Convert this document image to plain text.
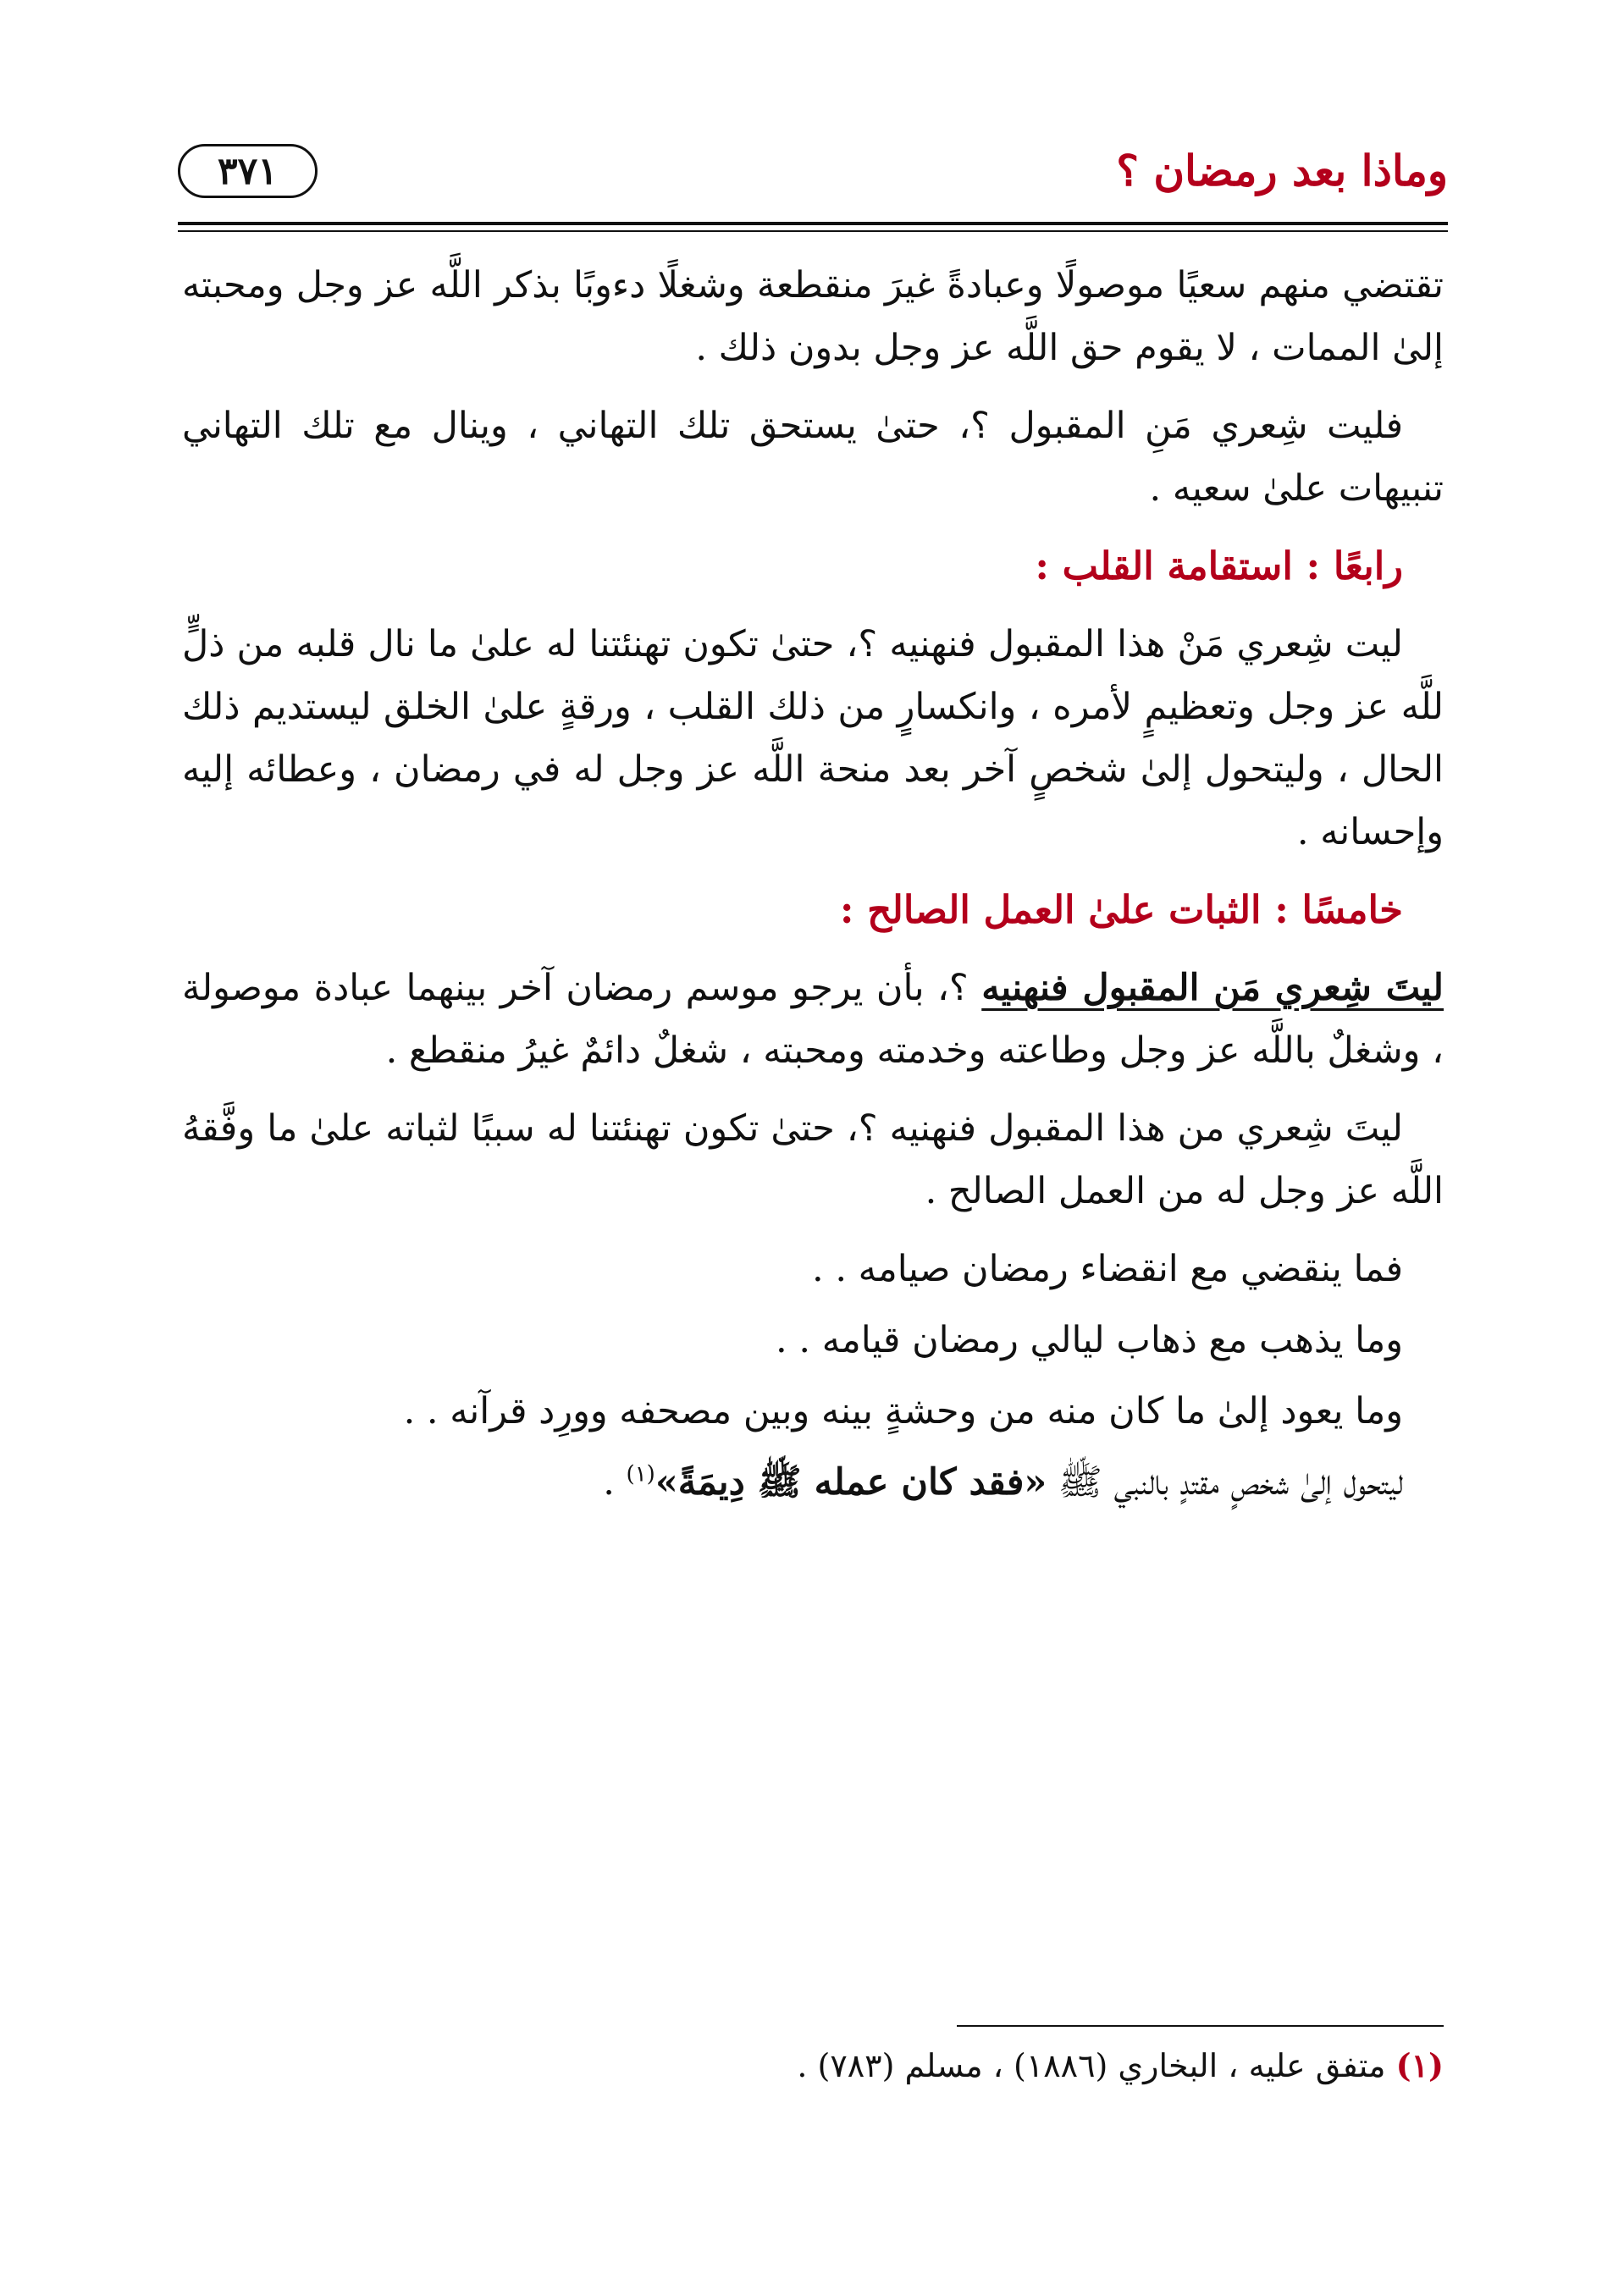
وماذا بعد رمضان ؟
٣٧١

تقتضي منهم سعيًا موصولًا وعبادةً غيرَ منقطعة وشغلًا دءوبًا بذكر اللَّه عز وجل ومحبته إلىٰ الممات ، لا يقوم حق اللَّه عز وجل بدون ذلك .

فليت شِعري مَنِ المقبول ؟، حتىٰ يستحق تلك التهاني ، وينال مع تلك التهاني تنبيهات علىٰ سعيه .

رابعًا : استقامة القلب :

ليت شِعري مَنْ هذا المقبول فنهنيه ؟، حتىٰ تكون تهنئتنا له علىٰ ما نال قلبه من ذلٍّ للَّه عز وجل وتعظيمٍ لأمره ، وانكسارٍ من ذلك القلب ، ورقةٍ علىٰ الخلق ليستديم ذلك الحال ، وليتحول إلىٰ شخصٍ آخر بعد منحة اللَّه عز وجل له في رمضان ، وعطائه إليه وإحسانه .

خامسًا : الثبات علىٰ العمل الصالح :

ليتَ شِعري مَن المقبول فنهنيه ؟، بأن يرجو موسم رمضان آخر بينهما عبادة موصولة ، وشغلٌ باللَّه عز وجل وطاعته وخدمته ومحبته ، شغلٌ دائمٌ غيرُ منقطع .

ليتَ شِعري من هذا المقبول فنهنيه ؟، حتىٰ تكون تهنئتنا له سببًا لثباته علىٰ ما وفَّقهُ اللَّه عز وجل له من العمل الصالح .

فما ينقضي مع انقضاء رمضان صيامه . .
وما يذهب مع ذهاب ليالي رمضان قيامه . .
وما يعود إلىٰ ما كان منه من وحشةٍ بينه وبين مصحفه وورِد قرآنه . .
ليتحول إلىٰ شخصٍ مقتدٍ بالنبي ﷺ «فقد كان عمله ﷺ دِيمَةً»$^{(١)}$ .
(١) متفق عليه ، البخاري (١٨٨٦) ، مسلم (٧٨٣) .
